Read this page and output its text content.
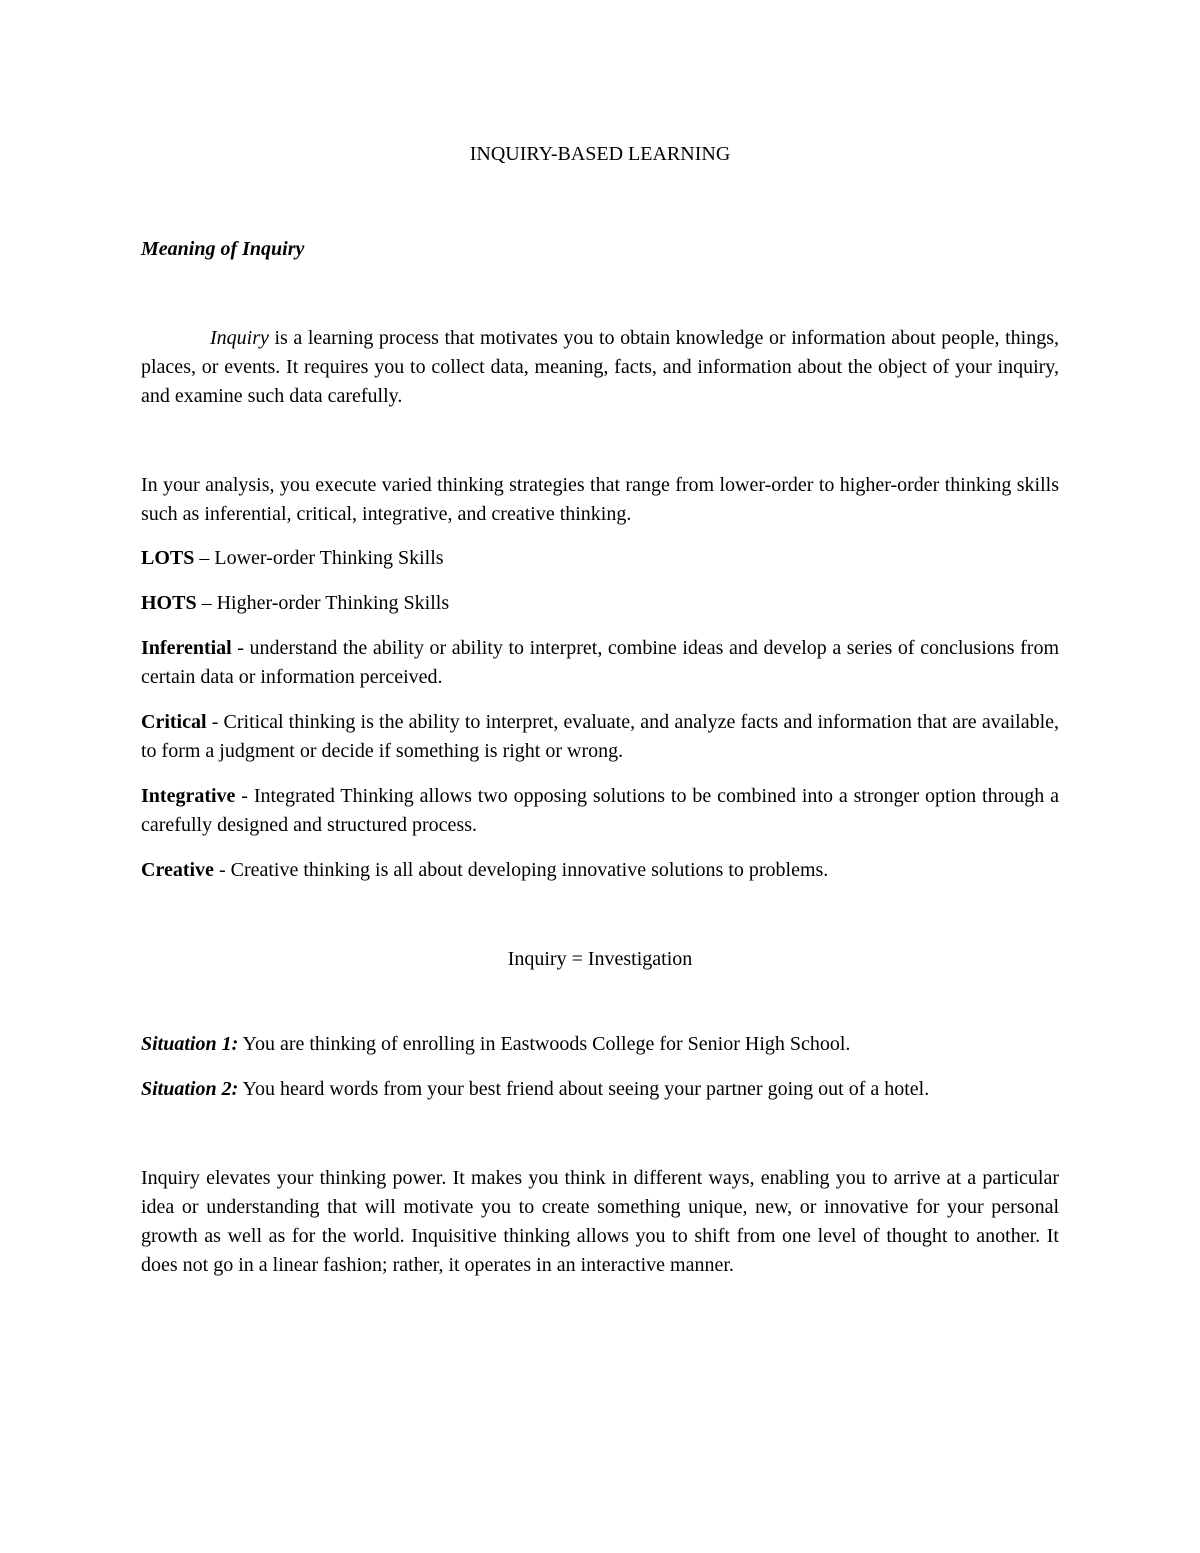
INQUIRY-BASED LEARNING
Meaning of Inquiry

Inquiry is a learning process that motivates you to obtain knowledge or information about people, things, places, or events. It requires you to collect data, meaning, facts, and information about the object of your inquiry, and examine such data carefully.

In your analysis, you execute varied thinking strategies that range from lower-order to higher-order thinking skills such as inferential, critical, integrative, and creative thinking.

LOTS – Lower-order Thinking Skills

HOTS – Higher-order Thinking Skills

Inferential - understand the ability or ability to interpret, combine ideas and develop a series of conclusions from certain data or information perceived.

Critical - Critical thinking is the ability to interpret, evaluate, and analyze facts and information that are available, to form a judgment or decide if something is right or wrong.

Integrative - Integrated Thinking allows two opposing solutions to be combined into a stronger option through a carefully designed and structured process.

Creative - Creative thinking is all about developing innovative solutions to problems.

Inquiry = Investigation

Situation 1: You are thinking of enrolling in Eastwoods College for Senior High School.

Situation 2: You heard words from your best friend about seeing your partner going out of a hotel.

Inquiry elevates your thinking power. It makes you think in different ways, enabling you to arrive at a particular idea or understanding that will motivate you to create something unique, new, or innovative for your personal growth as well as for the world. Inquisitive thinking allows you to shift from one level of thought to another. It does not go in a linear fashion; rather, it operates in an interactive manner.
